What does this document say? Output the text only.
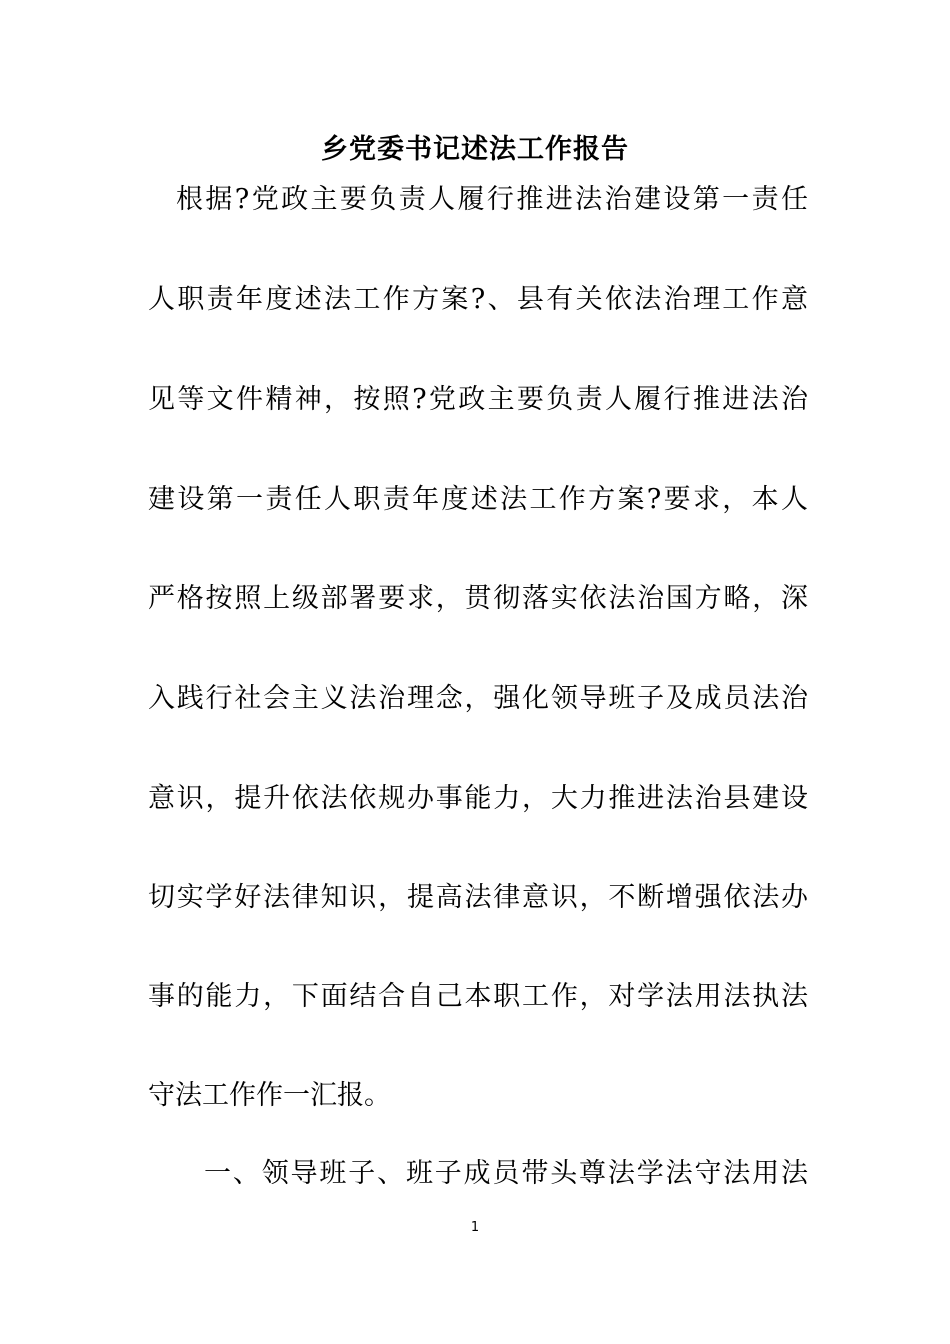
乡党委书记述法工作报告
根据?党政主要负责人履行推进法治建设第一责任
人职责年度述法工作方案?、县有关依法治理工作意
见等文件精神，按照?党政主要负责人履行推进法治
建设第一责任人职责年度述法工作方案?要求，本人
严格按照上级部署要求，贯彻落实依法治国方略，深
入践行社会主义法治理念，强化领导班子及成员法治
意识，提升依法依规办事能力，大力推进法治县建设
切实学好法律知识，提高法律意识，不断增强依法办
事的能力，下面结合自己本职工作，对学法用法执法
守法工作作一汇报。
一、领导班子、班子成员带头尊法学法守法用法
1
